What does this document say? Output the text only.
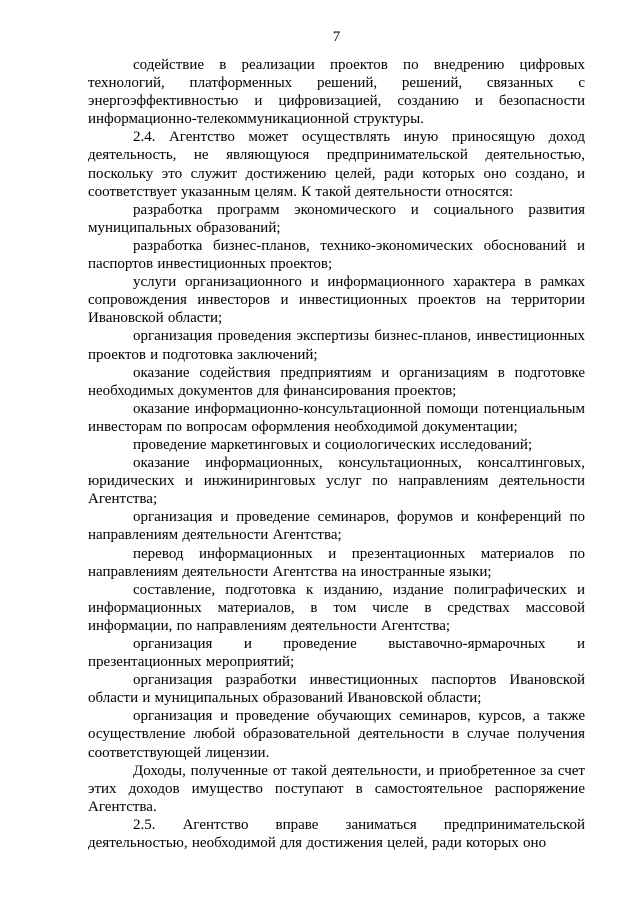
7

содействие в реализации проектов по внедрению цифровых технологий, платформенных решений, решений, связанных с энергоэффективностью и цифровизацией, созданию и безопасности информационно-телекоммуникационной структуры.

2.4. Агентство может осуществлять иную приносящую доход деятельность, не являющуюся предпринимательской деятельностью, поскольку это служит достижению целей, ради которых оно создано, и соответствует указанным целям. К такой деятельности относятся:

разработка программ экономического и социального развития муниципальных образований;

разработка бизнес-планов, технико-экономических обоснований и паспортов инвестиционных проектов;

услуги организационного и информационного характера в рамках сопровождения инвесторов и инвестиционных проектов на территории Ивановской области;

организация проведения экспертизы бизнес-планов, инвестиционных проектов и подготовка заключений;

оказание содействия предприятиям и организациям в подготовке необходимых документов для финансирования проектов;

оказание информационно-консультационной помощи потенциальным инвесторам по вопросам оформления необходимой документации;

проведение маркетинговых и социологических исследований;

оказание информационных, консультационных, консалтинговых, юридических и инжиниринговых услуг по направлениям деятельности Агентства;

организация и проведение семинаров, форумов и конференций по направлениям деятельности Агентства;

перевод информационных и презентационных материалов по направлениям деятельности Агентства на иностранные языки;

составление, подготовка к изданию, издание полиграфических и информационных материалов, в том числе в средствах массовой информации, по направлениям деятельности Агентства;

организация и проведение выставочно-ярмарочных и презентационных мероприятий;

организация разработки инвестиционных паспортов Ивановской области и муниципальных образований Ивановской области;

организация и проведение обучающих семинаров, курсов, а также осуществление любой образовательной деятельности в случае получения соответствующей лицензии.

Доходы, полученные от такой деятельности, и приобретенное за счет этих доходов имущество поступают в самостоятельное распоряжение Агентства.

2.5. Агентство вправе заниматься предпринимательской деятельностью, необходимой для достижения целей, ради которых оно
